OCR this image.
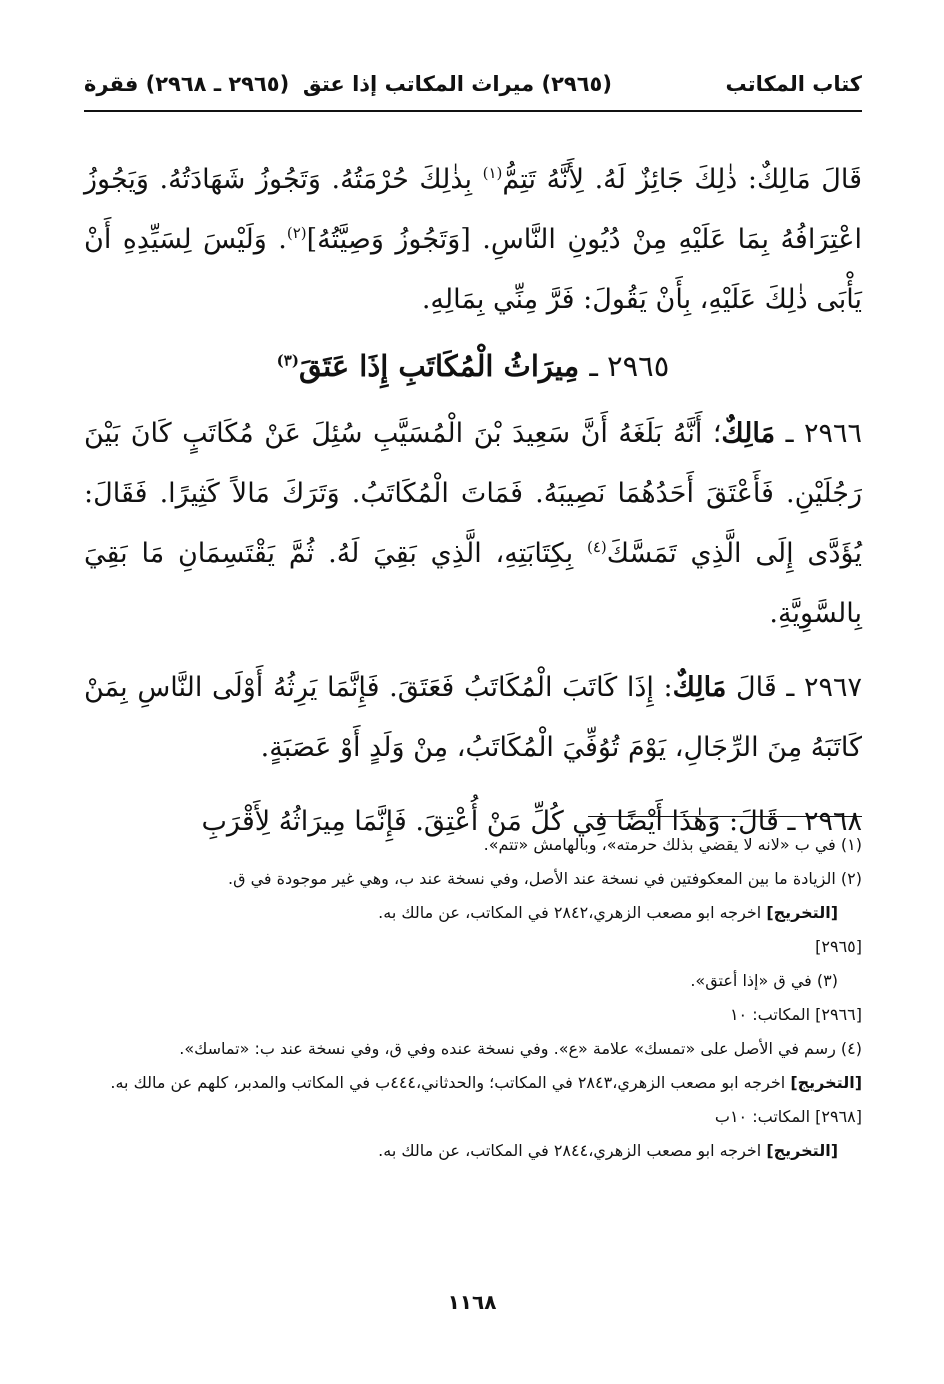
كتاب المكاتب
(٢٩٦٥) ميراث المكاتب إذا عتق
(٢٩٦٥ ـ ٢٩٦٨) فقرة

قَالَ مَالِكٌ: ذٰلِكَ جَائِزٌ لَهُ. لِأَنَّهُ تَتِمُّ$^{(١)}$ بِذٰلِكَ حُرْمَتُهُ. وَتَجُوزُ شَهَادَتُهُ. وَيَجُوزُ اعْتِرَافُهُ بِمَا عَلَيْهِ مِنْ دُيُونِ النَّاسِ. [وَتَجُوزُ وَصِيَّتُهُ]$^{(٢)}$. وَلَيْسَ لِسَيِّدِهِ أَنْ يَأْبَى ذٰلِكَ عَلَيْهِ، بِأَنْ يَقُولَ: فَرَّ مِنِّي بِمَالِهِ.

٢٩٦٥ ـ مِيرَاثُ الْمُكَاتَبِ إِذَا عَتَقَ$^{(٣)}$

٢٩٦٦ ـ مَالِكٌ؛ أَنَّهُ بَلَغَهُ أَنَّ سَعِيدَ بْنَ الْمُسَيَّبِ سُئِلَ عَنْ مُكَاتَبٍ كَانَ بَيْنَ رَجُلَيْنِ. فَأَعْتَقَ أَحَدُهُمَا نَصِيبَهُ. فَمَاتَ الْمُكَاتَبُ. وَتَرَكَ مَالاً كَثِيرًا. فَقَالَ: يُؤَدَّى إِلَى الَّذِي تَمَسَّكَ$^{(٤)}$ بِكِتَابَتِهِ، الَّذِي بَقِيَ لَهُ. ثُمَّ يَقْتَسِمَانِ مَا بَقِيَ بِالسَّوِيَّةِ.

٢٩٦٧ ـ قَالَ مَالِكٌ: إِذَا كَاتَبَ الْمُكَاتَبُ فَعَتَقَ. فَإِنَّمَا يَرِثُهُ أَوْلَى النَّاسِ بِمَنْ كَاتَبَهُ مِنَ الرِّجَالِ، يَوْمَ تُوُفِّيَ الْمُكَاتَبُ، مِنْ وَلَدٍ أَوْ عَصَبَةٍ.

٢٩٦٨ ـ قَالَ: وَهٰذَا أَيْضًا فِي كُلِّ مَنْ أُعْتِقَ. فَإِنَّمَا مِيرَاثُهُ لِأَقْرَبِ

(١) في ب «لانه لا يقضي بذلك حرمته»، وبالهامش «تتم».

(٢) الزيادة ما بين المعكوفتين في نسخة عند الأصل، وفي نسخة عند ب، وهي غير موجودة في ق.

[التخريج] اخرجه ابو مصعب الزهري،٢٨٤٢ في المكاتب، عن مالك به.

[٢٩٦٥]

(٣) في ق «إذا أعتق».

[٢٩٦٦] المكاتب: ١٠

(٤) رسم في الأصل على «تمسك» علامة «ع». وفي نسخة عنده وفي ق، وفي نسخة عند ب: «تماسك».

[التخريج] اخرجه ابو مصعب الزهري،٢٨٤٣ في المكاتب؛ والحدثاني،٤٤٤ب في المكاتب والمدبر، كلهم عن مالك به.

[٢٩٦٨] المكاتب: ١٠ب

[التخريج] اخرجه ابو مصعب الزهري،٢٨٤٤ في المكاتب، عن مالك به.

١١٦٨
